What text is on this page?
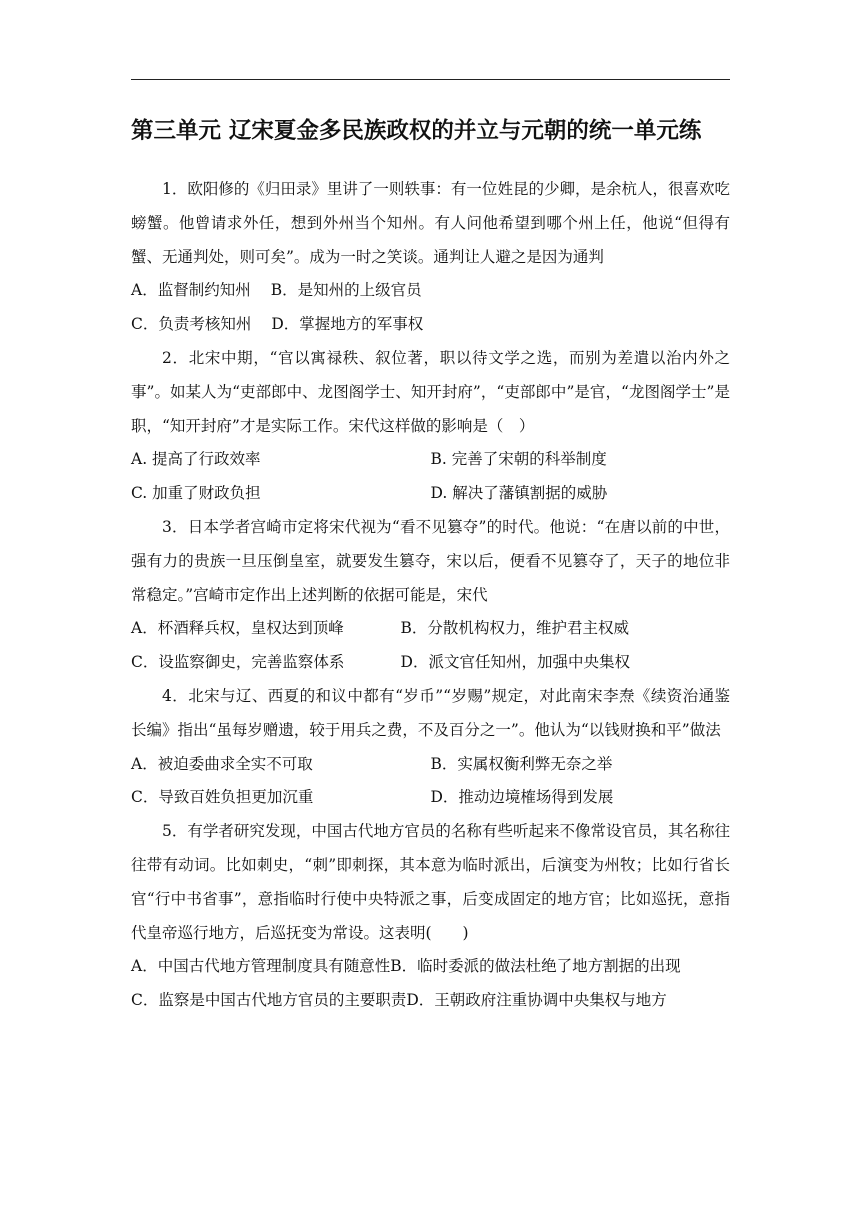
第三单元 辽宋夏金多民族政权的并立与元朝的统一单元练

1．欧阳修的《归田录》里讲了一则轶事：有一位姓昆的少卿，是余杭人，很喜欢吃螃蟹。他曾请求外任，想到外州当个知州。有人问他希望到哪个州上任，他说“但得有蟹、无通判处，则可矣”。成为一时之笑谈。通判让人避之是因为通判

A．监督制约知州 B．是知州的上级官员

C．负责考核知州 D．掌握地方的军事权

2．北宋中期，“官以寓禄秩、叙位著，职以待文学之选，而别为差遣以治内外之事”。如某人为“吏部郎中、龙图阁学士、知开封府”，“吏部郎中”是官，“龙图阁学士”是职，“知开封府”才是实际工作。宋代这样做的影响是（　）

A. 提高了行政效率	B. 完善了宋朝的科举制度

C. 加重了财政负担	D. 解决了藩镇割据的威胁

3．日本学者宫崎市定将宋代视为“看不见篡夺”的时代。他说：“在唐以前的中世，强有力的贵族一旦压倒皇室，就要发生篡夺，宋以后，便看不见篡夺了，天子的地位非常稳定。”宫崎市定作出上述判断的依据可能是，宋代

A．杯酒释兵权，皇权达到顶峰	B．分散机构权力，维护君主权威

C．设监察御史，完善监察体系	D．派文官任知州，加强中央集权

4．北宋与辽、西夏的和议中都有“岁币”“岁赐”规定，对此南宋李焘《续资治通鉴长编》指出“虽每岁赠遗，较于用兵之费，不及百分之一”。他认为“以钱财换和平”做法

A．被迫委曲求全实不可取	B．实属权衡利弊无奈之举

C．导致百姓负担更加沉重	D．推动边境榷场得到发展

5．有学者研究发现，中国古代地方官员的名称有些听起来不像常设官员，其名称往往带有动词。比如刺史，“刺”即刺探，其本意为临时派出，后演变为州牧；比如行省长官“行中书省事”，意指临时行使中央特派之事，后变成固定的地方官；比如巡抚，意指代皇帝巡行地方，后巡抚变为常设。这表明(　　)

A．中国古代地方管理制度具有随意性B．临时委派的做法杜绝了地方割据的出现

C．监察是中国古代地方官员的主要职责D．王朝政府注重协调中央集权与地方
